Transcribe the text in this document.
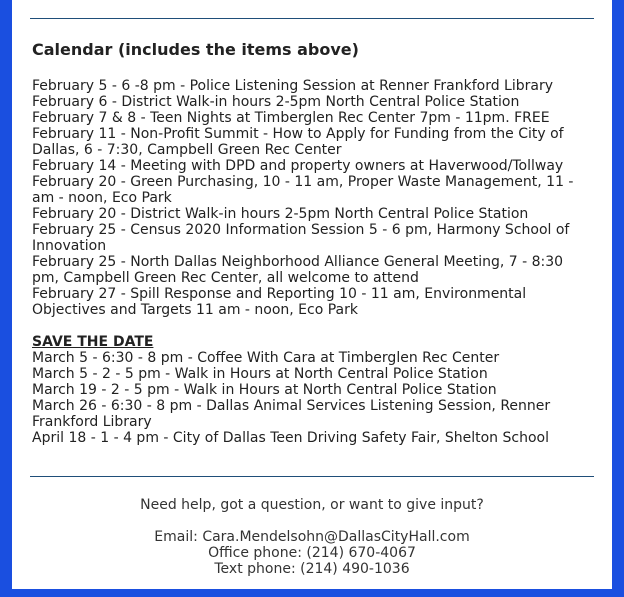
Calendar (includes the items above)

February 5 - 6 -8 pm - Police Listening Session at Renner Frankford Library

February 6 - District Walk-in hours 2-5pm North Central Police Station

February 7 & 8 - Teen Nights at Timberglen Rec Center 7pm - 11pm. FREE

February 11 - Non-Profit Summit - How to Apply for Funding from the City of Dallas, 6 - 7:30, Campbell Green Rec Center

February 14 - Meeting with DPD and property owners at Haverwood/Tollway

February 20 - Green Purchasing, 10 - 11 am, Proper Waste Management, 11 - am - noon, Eco Park

February 20 - District Walk-in hours 2-5pm North Central Police Station

February 25 - Census 2020 Information Session 5 - 6 pm, Harmony School of Innovation

February 25 - North Dallas Neighborhood Alliance General Meeting, 7 - 8:30 pm, Campbell Green Rec Center, all welcome to attend

February 27 - Spill Response and Reporting 10 - 11 am, Environmental Objectives and Targets 11 am - noon, Eco Park

SAVE THE DATE

March 5 - 6:30 - 8 pm - Coffee With Cara at Timberglen Rec Center

March 5 - 2 - 5 pm - Walk in Hours at North Central Police Station

March 19 - 2 - 5 pm - Walk in Hours at North Central Police Station

March 26 - 6:30 - 8 pm - Dallas Animal Services Listening Session, Renner Frankford Library

April 18 - 1 - 4 pm - City of Dallas Teen Driving Safety Fair, Shelton School

Need help, got a question, or want to give input?

Email: Cara.Mendelsohn@DallasCityHall.com

Office phone: (214) 670-4067

Text phone: (214) 490-1036
